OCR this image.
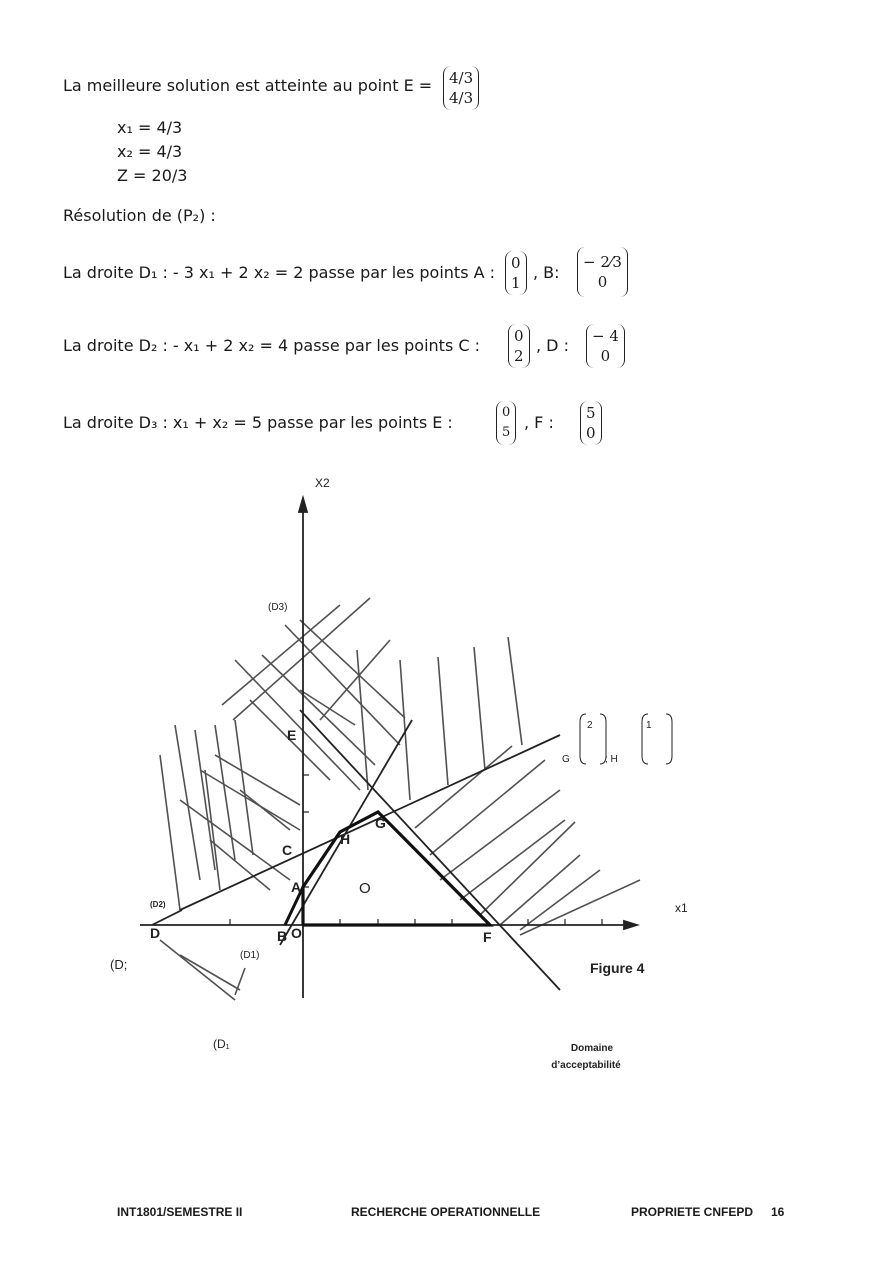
La meilleure solution est atteinte au point E = 4/3
4/3
x₁ = 4/3
x₂ = 4/3
Z = 20/3
Résolution de (P₂) :
La droite D₁ : - 3 x₁ + 2 x₂ = 2 passe par les points A : 0
1
, B:
− 2⁄3
0
La droite D₂ : - x₁ + 2 x₂ = 4 passe par les points C : 0
2
, D : − 4
0
La droite D₃ : x₁ + x₂ = 5 passe par les points E :
0
5
, F : 5
0
E
G
H
C
A
D	B O	F
O
X2
x1
(D3)
(D2)
(D1)
(D;
(D₁
Figure 4
Domaine
d’acceptabilité
G
2
; H
1
INT1801/SEMESTRE II	RECHERCHE OPERATIONNELLE	PROPRIETE CNFEPD 16
